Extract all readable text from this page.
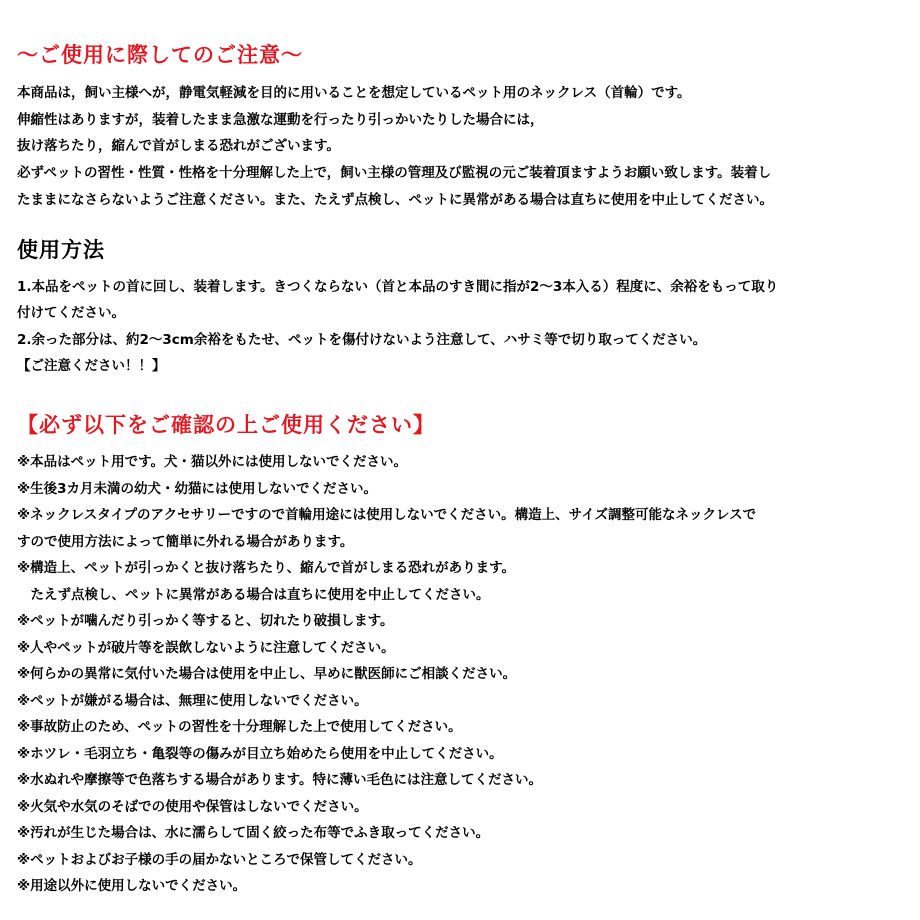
～ご使用に際してのご注意～

本商品は，飼い主様へが，静電気軽減を目的に用いることを想定しているペット用のネックレス（首輪）です。

伸縮性はありますが，装着したまま急激な運動を行ったり引っかいたりした場合には，

抜け落ちたり，縮んで首がしまる恐れがございます。

必ずペットの習性・性質・性格を十分理解した上で，飼い主様の管理及び監視の元ご装着頂ますようお願い致します。装着し

たままになさらないようご注意ください。また、たえず点検し、ペットに異常がある場合は直ちに使用を中止してください。

使用方法

1.本品をペットの首に回し、装着します。きつくならない（首と本品のすき間に指が2～3本入る）程度に、余裕をもって取り

付けてください。

2.余った部分は、約2～3cm余裕をもたせ、ペットを傷付けないよう注意して、ハサミ等で切り取ってください。

【ご注意ください！！】

【必ず以下をご確認の上ご使用ください】

※本品はペット用です。犬・猫以外には使用しないでください。

※生後3カ月未満の幼犬・幼猫には使用しないでください。

※ネックレスタイプのアクセサリーですので首輪用途には使用しないでください。構造上、サイズ調整可能なネックレスで

すので使用方法によって簡単に外れる場合があります。

※構造上、ペットが引っかくと抜け落ちたり、縮んで首がしまる恐れがあります。

　たえず点検し、ペットに異常がある場合は直ちに使用を中止してください。

※ペットが噛んだり引っかく等すると、切れたり破損します。

※人やペットが破片等を誤飲しないように注意してください。

※何らかの異常に気付いた場合は使用を中止し、早めに獣医師にご相談ください。

※ペットが嫌がる場合は、無理に使用しないでください。

※事故防止のため、ペットの習性を十分理解した上で使用してください。

※ホツレ・毛羽立ち・亀裂等の傷みが目立ち始めたら使用を中止してください。

※水ぬれや摩擦等で色落ちする場合があります。特に薄い毛色には注意してください。

※火気や水気のそばでの使用や保管はしないでください。

※汚れが生じた場合は、水に濡らして固く絞った布等でふき取ってください。

※ペットおよびお子様の手の届かないところで保管してください。

※用途以外に使用しないでください。
